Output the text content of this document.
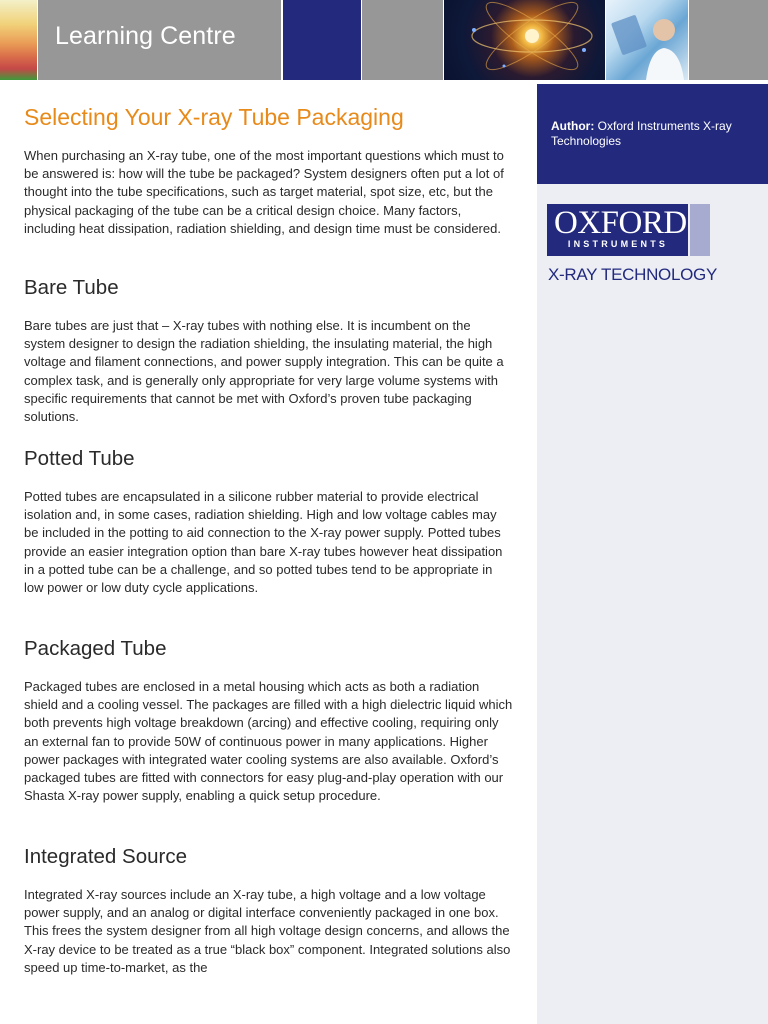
Learning Centre
Author: Oxford Instruments X-ray Technologies
OXFORD
INSTRUMENTS
X-RAY TECHNOLOGY
Selecting Your X-ray Tube Packaging

When purchasing an X-ray tube, one of the most important questions which must to be answered is: how will the tube be packaged? System designers often put a lot of thought into the tube specifications, such as target material, spot size, etc, but the physical packaging of the tube can be a critical design choice. Many factors, including heat dissipation, radiation shielding, and design time must be considered.

Bare Tube

Bare tubes are just that – X-ray tubes with nothing else. It is incumbent on the system designer to design the radiation shielding, the insulating material, the high voltage and filament connections, and power supply integration. This can be quite a complex task, and is generally only appropriate for very large volume systems with specific requirements that cannot be met with Oxford’s proven tube packaging solutions.

Potted Tube

Potted tubes are encapsulated in a silicone rubber material to provide electrical isolation and, in some cases, radiation shielding. High and low voltage cables may be included in the potting to aid connection to the X-ray power supply. Potted tubes provide an easier integration option than bare X-ray tubes however heat dissipation in a potted tube can be a challenge, and so potted tubes tend to be appropriate in low power or low duty cycle applications.

Packaged Tube

Packaged tubes are enclosed in a metal housing which acts as both a radiation shield and a cooling vessel. The packages are filled with a high dielectric liquid which both prevents high voltage breakdown (arcing) and effective cooling, requiring only an external fan to provide 50W of continuous power in many applications. Higher power packages with integrated water cooling systems are also available. Oxford’s packaged tubes are fitted with connectors for easy plug-and-play operation with our Shasta X-ray power supply, enabling a quick setup procedure.

Integrated Source

Integrated X-ray sources include an X-ray tube, a high voltage and a low voltage power supply, and an analog or digital interface conveniently packaged in one box. This frees the system designer from all high voltage design concerns, and allows the X-ray device to be treated as a true “black box” component. Integrated solutions also speed up time-to-market, as the
